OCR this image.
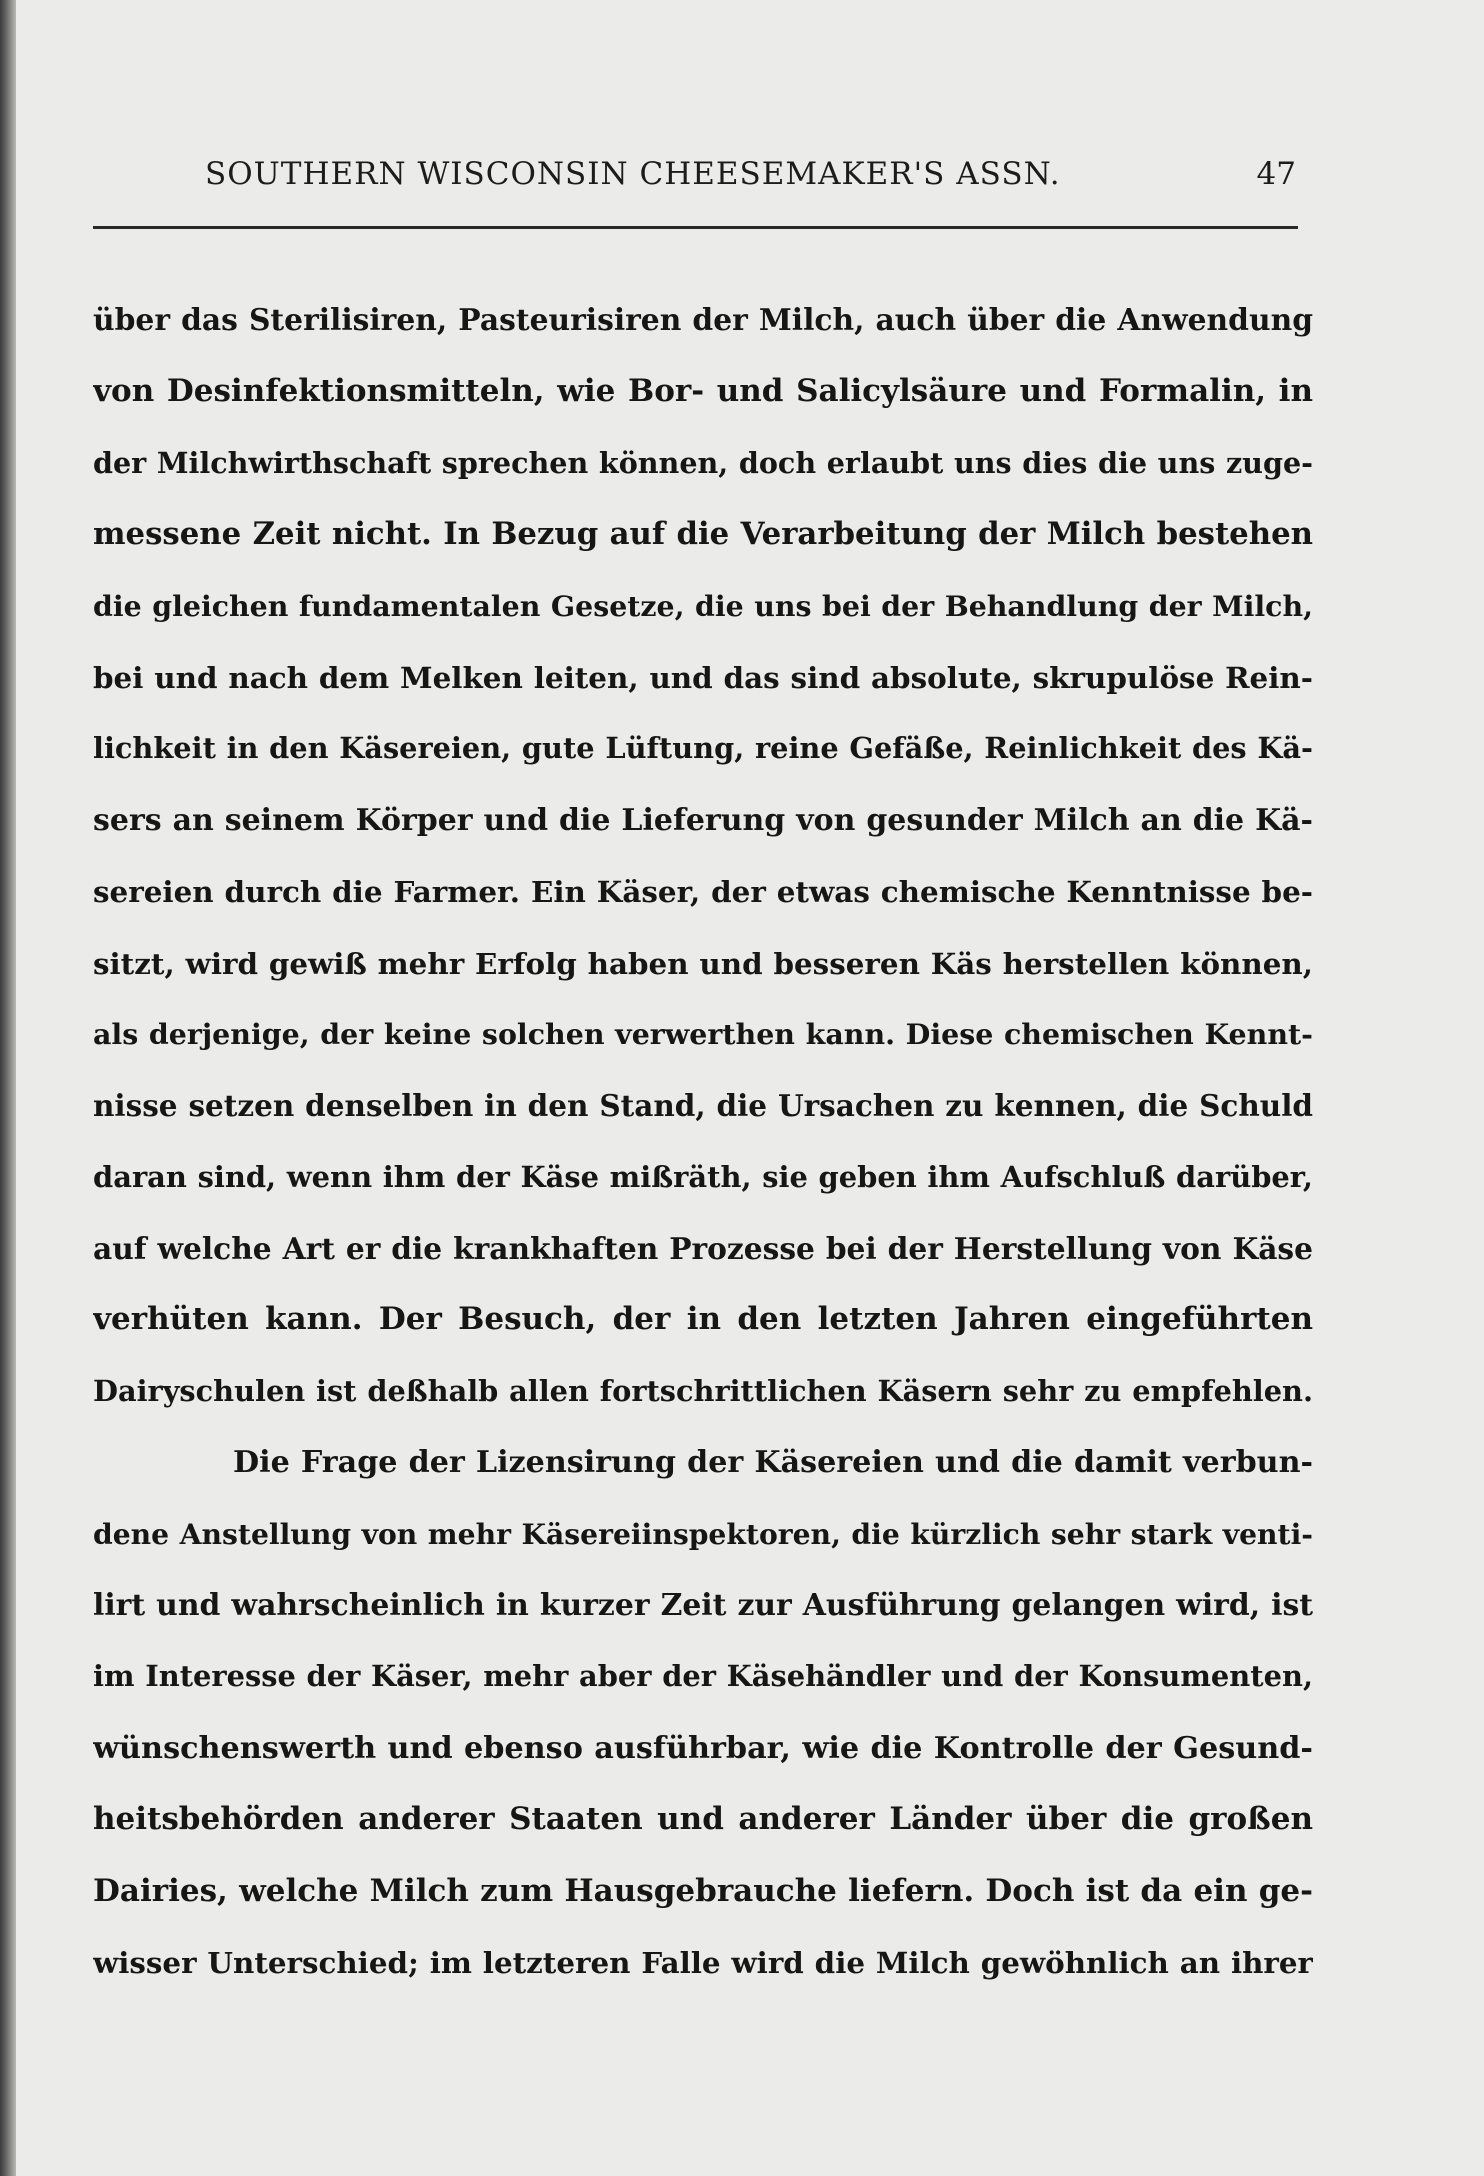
SOUTHERN WISCONSIN CHEESEMAKER'S ASSN.	47
über das Sterilisiren, Pasteurisiren der Milch, auch über die Anwendung
von Desinfektionsmitteln, wie Bor- und Salicylsäure und Formalin, in
der Milchwirthschaft sprechen können, doch erlaubt uns dies die uns zuge-
messene Zeit nicht. In Bezug auf die Verarbeitung der Milch bestehen
die gleichen fundamentalen Gesetze, die uns bei der Behandlung der Milch,
bei und nach dem Melken leiten, und das sind absolute, skrupulöse Rein-
lichkeit in den Käsereien, gute Lüftung, reine Gefäße, Reinlichkeit des Kä-
sers an seinem Körper und die Lieferung von gesunder Milch an die Kä-
sereien durch die Farmer. Ein Käser, der etwas chemische Kenntnisse be-
sitzt, wird gewiß mehr Erfolg haben und besseren Käs herstellen können,
als derjenige, der keine solchen verwerthen kann. Diese chemischen Kennt-
nisse setzen denselben in den Stand, die Ursachen zu kennen, die Schuld
daran sind, wenn ihm der Käse mißräth, sie geben ihm Aufschluß darüber,
auf welche Art er die krankhaften Prozesse bei der Herstellung von Käse
verhüten kann. Der Besuch, der in den letzten Jahren eingeführten
Dairyschulen ist deßhalb allen fortschrittlichen Käsern sehr zu empfehlen.
Die Frage der Lizensirung der Käsereien und die damit verbun-
dene Anstellung von mehr Käsereiinspektoren, die kürzlich sehr stark venti-
lirt und wahrscheinlich in kurzer Zeit zur Ausführung gelangen wird, ist
im Interesse der Käser, mehr aber der Käsehändler und der Konsumenten,
wünschenswerth und ebenso ausführbar, wie die Kontrolle der Gesund-
heitsbehörden anderer Staaten und anderer Länder über die großen
Dairies, welche Milch zum Hausgebrauche liefern. Doch ist da ein ge-
wisser Unterschied; im letzteren Falle wird die Milch gewöhnlich an ihrer
